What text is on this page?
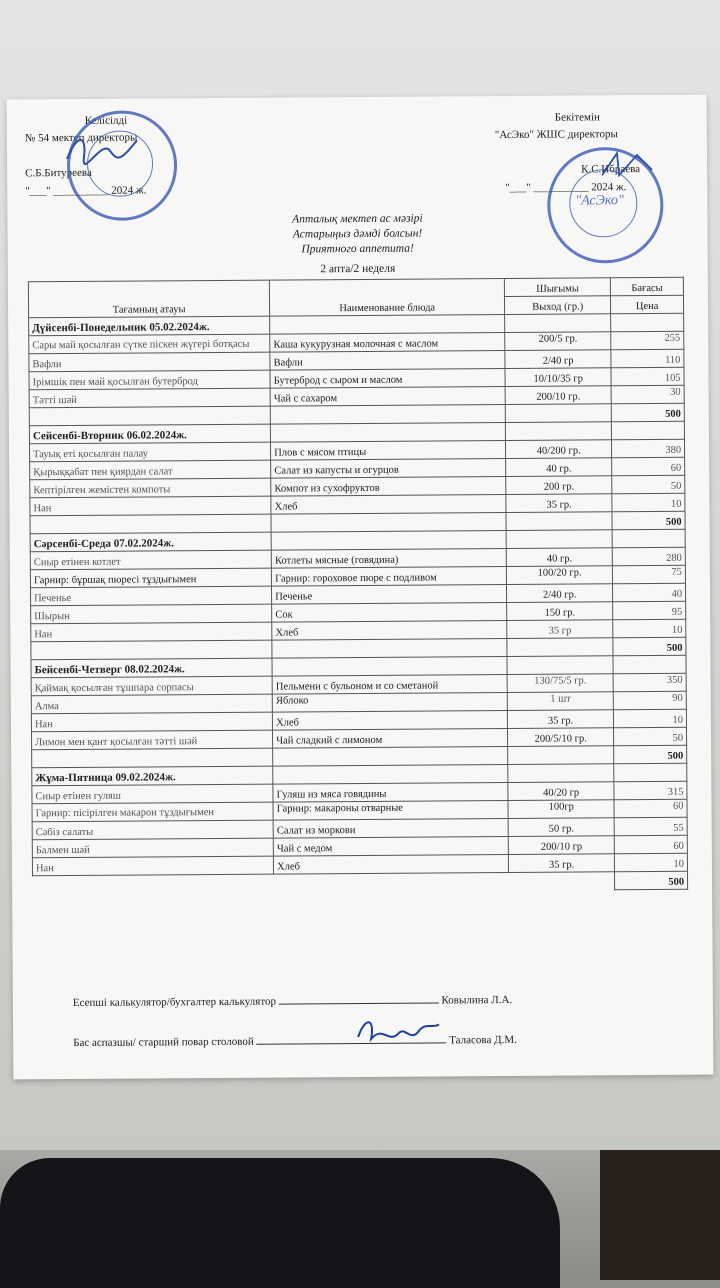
Келісілді
№ 54 мектеп директоры
С.Б.Битуреева
"___" __________ 2024 ж.
Бекітемін
"АсЭко" ЖШС директоры
К.С.Ибраева
"___" __________ 2024 ж.
"АсЭко"
Апталық мектеп ас мәзірі
Астарыңыз дәмді болсын!
Приятного аппетита!
2 апта/2 неделя
Тағамның атауы	Наименование блюда	Шығымы	Бағасы
		Выход (гр.)	Цена
Дүйсенбі-Понедельник 05.02.2024ж.			
Сары май қосылған сүтке піскен жүгері ботқасы	Каша кукурузная молочная с маслом	200/5 гр.	255
Вафли	Вафли	2/40 гр	110
Ірімшік пен май қосылған бутерброд	Бутерброд с сыром и маслом	10/10/35 гр	105
Тәтті шәй	Чай с сахаром	200/10 гр.	30
			500
Сейсенбі-Вторник 06.02.2024ж.			
Тауық еті қосылған палау	Плов с мясом птицы	40/200 гр.	380
Қырыққабат пен қиярдан салат	Салат из капусты и огурцов	40 гр.	60
Кептірілген жемістен компоты	Компот из сухофруктов	200 гр.	50
Нан	Хлеб	35 гр.	10
			500
Сәрсенбі-Среда 07.02.2024ж.			
Сиыр етінен котлет	Котлеты мясные (говядина)	40 гр.	280
Гарнир: бұршақ пюресі тұздығымен	Гарнир: гороховое пюре с подливом	100/20 гр.	75
Печенье	Печенье	2/40 гр.	40
Шырын	Сок	150 гр.	95
Нан	Хлеб	35 гр	10
			500
Бейсенбі-Четверг 08.02.2024ж.			
Қаймақ қосылған тұшпара сорпасы	Пельмени с бульоном и со сметаной	130/75/5 гр.	350
Алма	Яблоко	1 шт	90
Нан	Хлеб	35 гр.	10
Лимон мен қант қосылған тәтті шәй	Чай сладкий с лимоном	200/5/10 гр.	50
			500
Жұма-Пятница 09.02.2024ж.			
Сиыр етінен гуляш	Гуляш из мяса говядины	40/20 гр	315
Гарнир: пісірілген макарон тұздығымен	Гарнир: макароны отварные	100гр	60
Сәбіз салаты	Салат из моркови	50 гр.	55
Балмен шәй	Чай с медом	200/10 гр	60
Нан	Хлеб	35 гр.	10
			500
Есепші калькулятор/бухгалтер калькулятор	Ковылина Л.А.
Бас аспазшы/ старший повар столовой	Таласова Д.М.
